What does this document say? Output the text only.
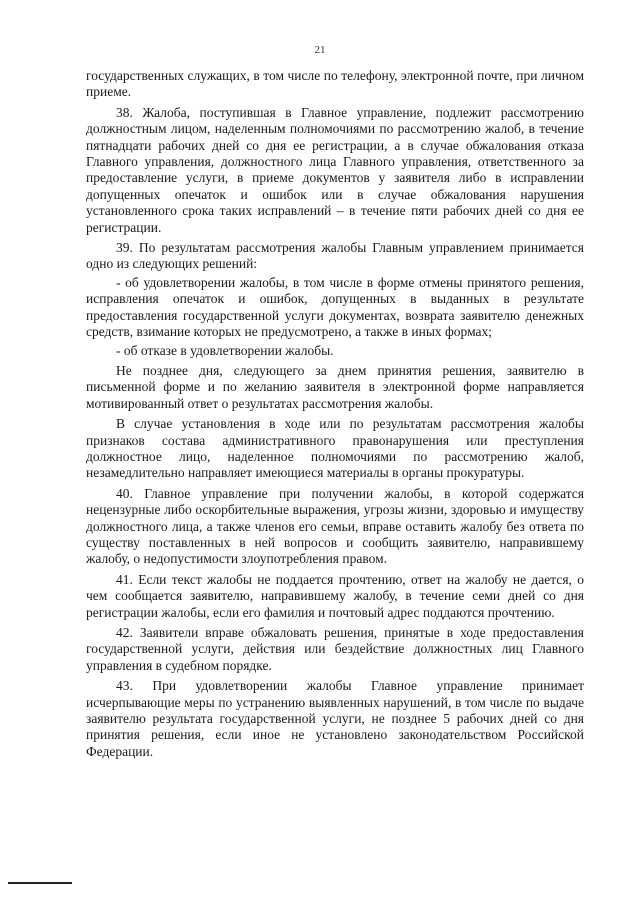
21

государственных служащих, в том числе по телефону, электронной почте, при личном приеме.

38. Жалоба, поступившая в Главное управление, подлежит рассмотрению должностным лицом, наделенным полномочиями по рассмотрению жалоб, в течение пятнадцати рабочих дней со дня ее регистрации, а в случае обжалования отказа Главного управления, должностного лица Главного управления, ответственного за предоставление услуги, в приеме документов у заявителя либо в исправлении допущенных опечаток и ошибок или в случае обжалования нарушения установленного срока таких исправлений – в течение пяти рабочих дней со дня ее регистрации.

39. По результатам рассмотрения жалобы Главным управлением принимается одно из следующих решений:

- об удовлетворении жалобы, в том числе в форме отмены принятого решения, исправления опечаток и ошибок, допущенных в выданных в результате предоставления государственной услуги документах, возврата заявителю денежных средств, взимание которых не предусмотрено, а также в иных формах;

- об отказе в удовлетворении жалобы.

Не позднее дня, следующего за днем принятия решения, заявителю в письменной форме и по желанию заявителя в электронной форме направляется мотивированный ответ о результатах рассмотрения жалобы.

В случае установления в ходе или по результатам рассмотрения жалобы признаков состава административного правонарушения или преступления должностное лицо, наделенное полномочиями по рассмотрению жалоб, незамедлительно направляет имеющиеся материалы в органы прокуратуры.

40. Главное управление при получении жалобы, в которой содержатся нецензурные либо оскорбительные выражения, угрозы жизни, здоровью и имуществу должностного лица, а также членов его семьи, вправе оставить жалобу без ответа по существу поставленных в ней вопросов и сообщить заявителю, направившему жалобу, о недопустимости злоупотребления правом.

41. Если текст жалобы не поддается прочтению, ответ на жалобу не дается, о чем сообщается заявителю, направившему жалобу, в течение семи дней со дня регистрации жалобы, если его фамилия и почтовый адрес поддаются прочтению.

42. Заявители вправе обжаловать решения, принятые в ходе предоставления государственной услуги, действия или бездействие должностных лиц Главного управления в судебном порядке.

43. При удовлетворении жалобы Главное управление принимает исчерпывающие меры по устранению выявленных нарушений, в том числе по выдаче заявителю результата государственной услуги, не позднее 5 рабочих дней со дня принятия решения, если иное не установлено законодательством Российской Федерации.
